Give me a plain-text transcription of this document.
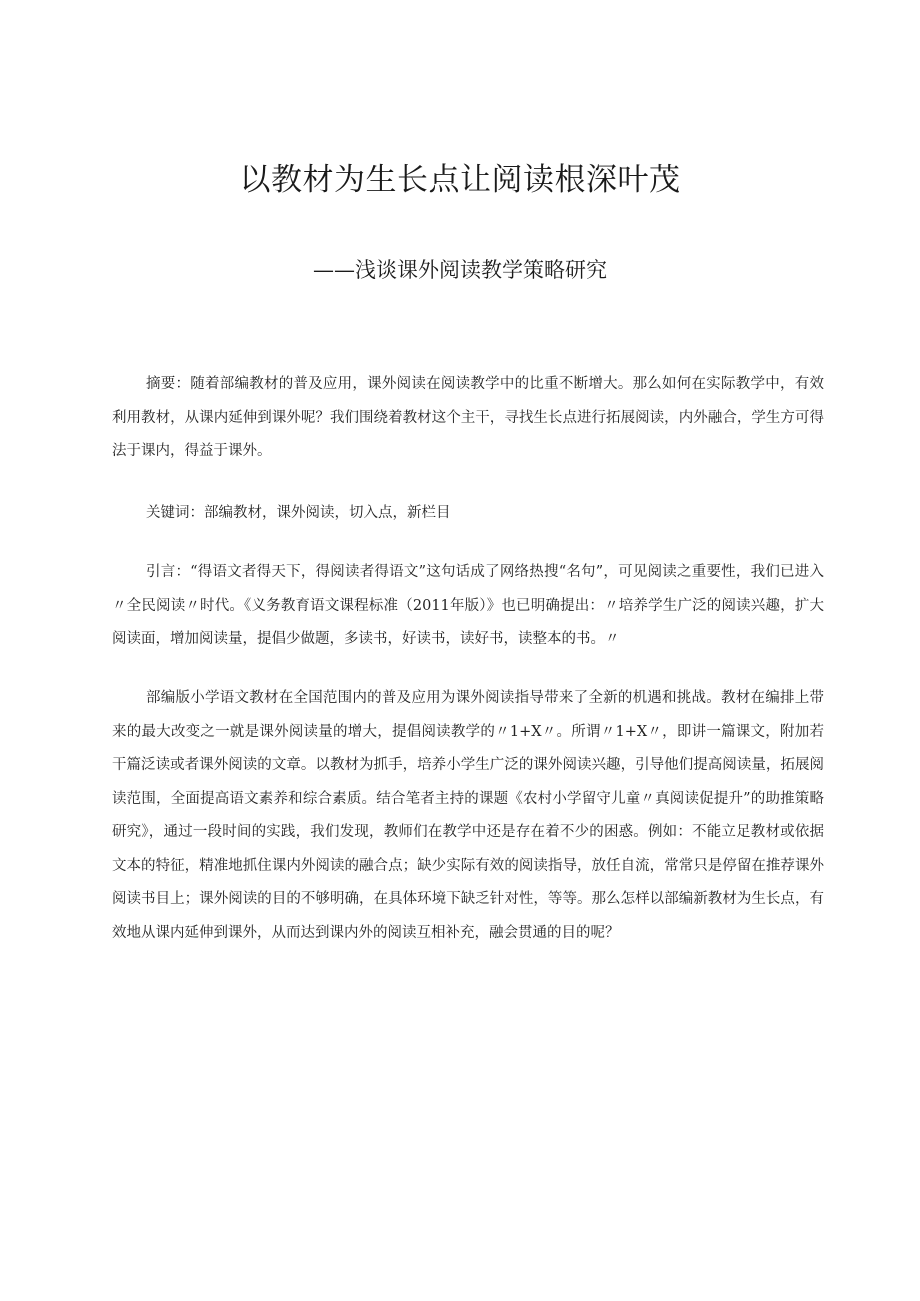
以教材为生长点让阅读根深叶茂
——浅谈课外阅读教学策略研究

摘要：随着部编教材的普及应用，课外阅读在阅读教学中的比重不断增大。那么如何在实际教学中，有效利用教材，从课内延伸到课外呢？我们围绕着教材这个主干，寻找生长点进行拓展阅读，内外融合，学生方可得法于课内，得益于课外。

关键词：部编教材，课外阅读，切入点，新栏目

引言：“得语文者得天下，得阅读者得语文”这句话成了网络热搜“名句”，可见阅读之重要性，我们已进入〃全民阅读〃时代。《义务教育语文课程标准（2011年版）》也已明确提出：〃培养学生广泛的阅读兴趣，扩大阅读面，增加阅读量，提倡少做题，多读书，好读书，读好书，读整本的书。〃

部编版小学语文教材在全国范围内的普及应用为课外阅读指导带来了全新的机遇和挑战。教材在编排上带来的最大改变之一就是课外阅读量的增大，提倡阅读教学的〃1+X〃。所谓〃1+X〃，即讲一篇课文，附加若干篇泛读或者课外阅读的文章。以教材为抓手，培养小学生广泛的课外阅读兴趣，引导他们提高阅读量，拓展阅读范围，全面提高语文素养和综合素质。结合笔者主持的课题《农村小学留守儿童〃真阅读促提升”的助推策略研究》，通过一段时间的实践，我们发现，教师们在教学中还是存在着不少的困惑。例如：不能立足教材或依据文本的特征，精准地抓住课内外阅读的融合点；缺少实际有效的阅读指导，放任自流，常常只是停留在推荐课外阅读书目上；课外阅读的目的不够明确，在具体环境下缺乏针对性，等等。那么怎样以部编新教材为生长点，有效地从课内延伸到课外，从而达到课内外的阅读互相补充，融会贯通的目的呢？
